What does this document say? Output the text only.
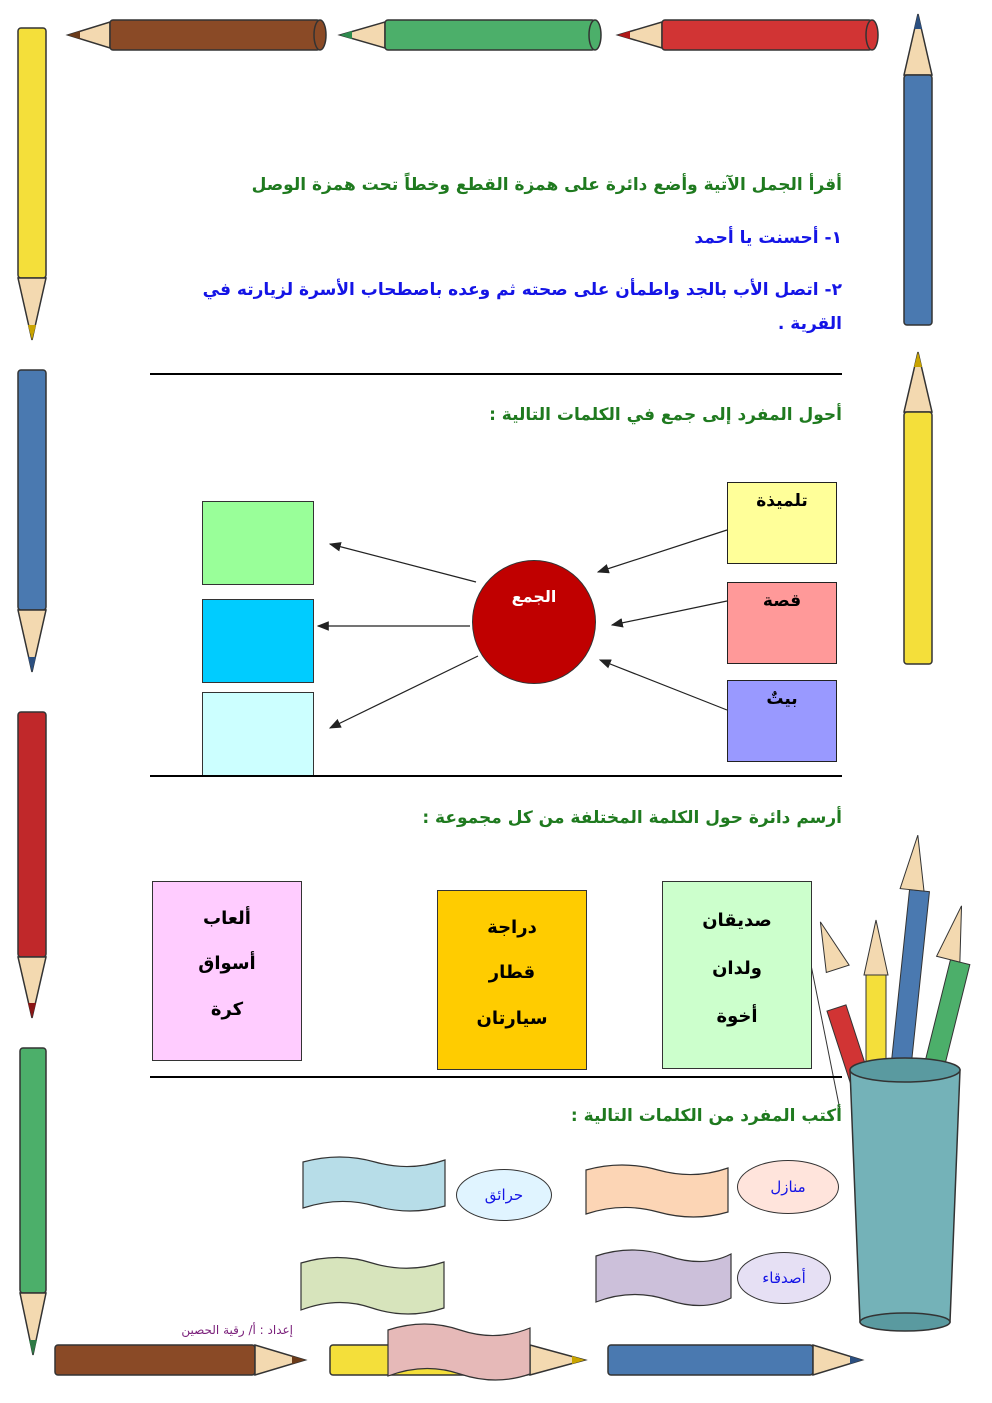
أقرأ الجمل الآتية وأضع دائرة على همزة القطع وخطاً تحت همزة الوصل
١- أحسنت يا أحمد
٢- اتصل الأب بالجد واطمأن على صحته ثم وعده باصطحاب الأسرة لزيارته في
القرية .
أحول المفرد إلى جمع في الكلمات التالية :
الجمع
تلميذة
قصة
بيتٌ
أرسم دائرة حول الكلمة المختلفة من كل مجموعة :
صديقان
ولدان
أخوة
دراجة
قطار
سيارتان
ألعاب
أسواق
كرة
أكتب المفرد من الكلمات التالية :
منازل
حرائق
أصدقاء
إعداد : أ/ رقية الحصين
